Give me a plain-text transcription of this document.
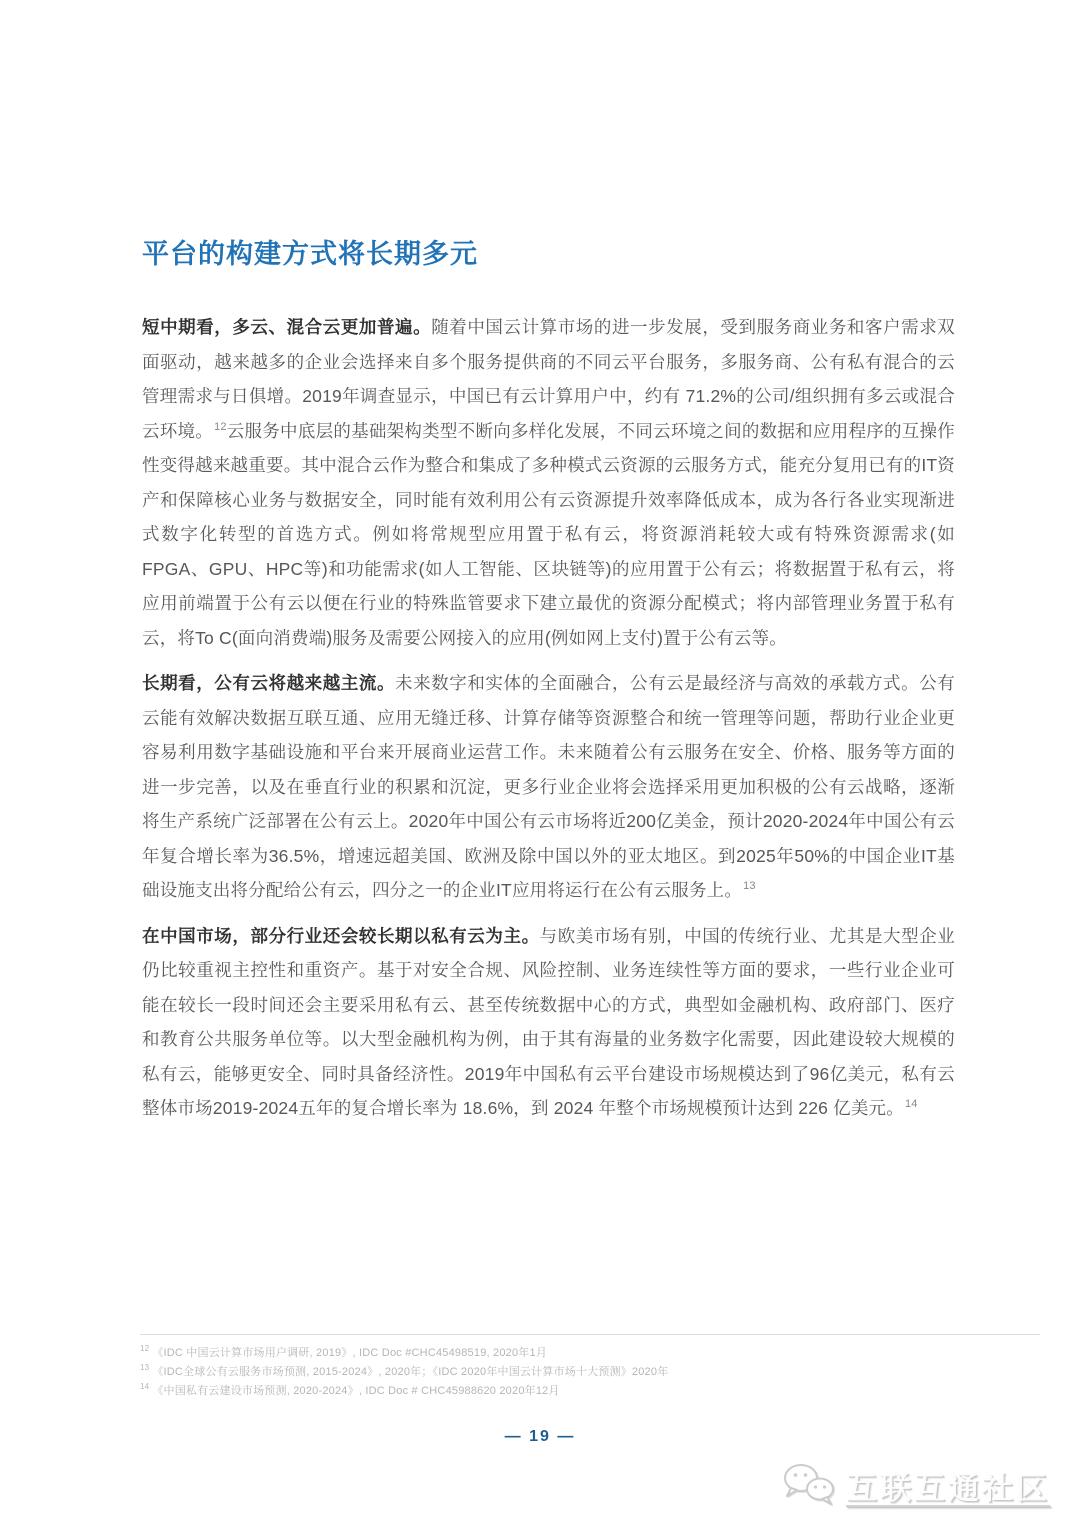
平台的构建方式将长期多元

短中期看，多云、混合云更加普遍。随着中国云计算市场的进一步发展，受到服务商业务和客户需求双面驱动，越来越多的企业会选择来自多个服务提供商的不同云平台服务，多服务商、公有私有混合的云管理需求与日俱增。2019年调查显示，中国已有云计算用户中，约有 71.2%的公司/组织拥有多云或混合云环境。$^{12}$云服务中底层的基础架构类型不断向多样化发展，不同云环境之间的数据和应用程序的互操作性变得越来越重要。其中混合云作为整合和集成了多种模式云资源的云服务方式，能充分复用已有的IT资产和保障核心业务与数据安全，同时能有效利用公有云资源提升效率降低成本，成为各行各业实现渐进式数字化转型的首选方式。例如将常规型应用置于私有云，将资源消耗较大或有特殊资源需求(如FPGA、GPU、HPC等)和功能需求(如人工智能、区块链等)的应用置于公有云；将数据置于私有云，将应用前端置于公有云以便在行业的特殊监管要求下建立最优的资源分配模式；将内部管理业务置于私有云，将To C(面向消费端)服务及需要公网接入的应用(例如网上支付)置于公有云等。

长期看，公有云将越来越主流。未来数字和实体的全面融合，公有云是最经济与高效的承载方式。公有云能有效解决数据互联互通、应用无缝迁移、计算存储等资源整合和统一管理等问题，帮助行业企业更容易利用数字基础设施和平台来开展商业运营工作。未来随着公有云服务在安全、价格、服务等方面的进一步完善，以及在垂直行业的积累和沉淀，更多行业企业将会选择采用更加积极的公有云战略，逐渐将生产系统广泛部署在公有云上。2020年中国公有云市场将近200亿美金，预计2020-2024年中国公有云年复合增长率为36.5%，增速远超美国、欧洲及除中国以外的亚太地区。到2025年50%的中国企业IT基础设施支出将分配给公有云，四分之一的企业IT应用将运行在公有云服务上。$^{13}$

在中国市场，部分行业还会较长期以私有云为主。与欧美市场有别，中国的传统行业、尤其是大型企业仍比较重视主控性和重资产。基于对安全合规、风险控制、业务连续性等方面的要求，一些行业企业可能在较长一段时间还会主要采用私有云、甚至传统数据中心的方式，典型如金融机构、政府部门、医疗和教育公共服务单位等。以大型金融机构为例，由于其有海量的业务数字化需要，因此建设较大规模的私有云，能够更安全、同时具备经济性。2019年中国私有云平台建设市场规模达到了96亿美元，私有云整体市场2019-2024五年的复合增长率为 18.6%，到 2024 年整个市场规模预计达到 226 亿美元。$^{14}$

$^{12}$ 《IDC 中国云计算市场用户调研, 2019》, IDC Doc #CHC45498519, 2020年1月
$^{13}$ 《IDC全球公有云服务市场预测, 2015-2024》, 2020年；《IDC 2020年中国云计算市场十大预测》2020年
$^{14}$ 《中国私有云建设市场预测, 2020-2024》, IDC Doc # CHC45988620 2020年12月
— 19 —
互联互通社区
